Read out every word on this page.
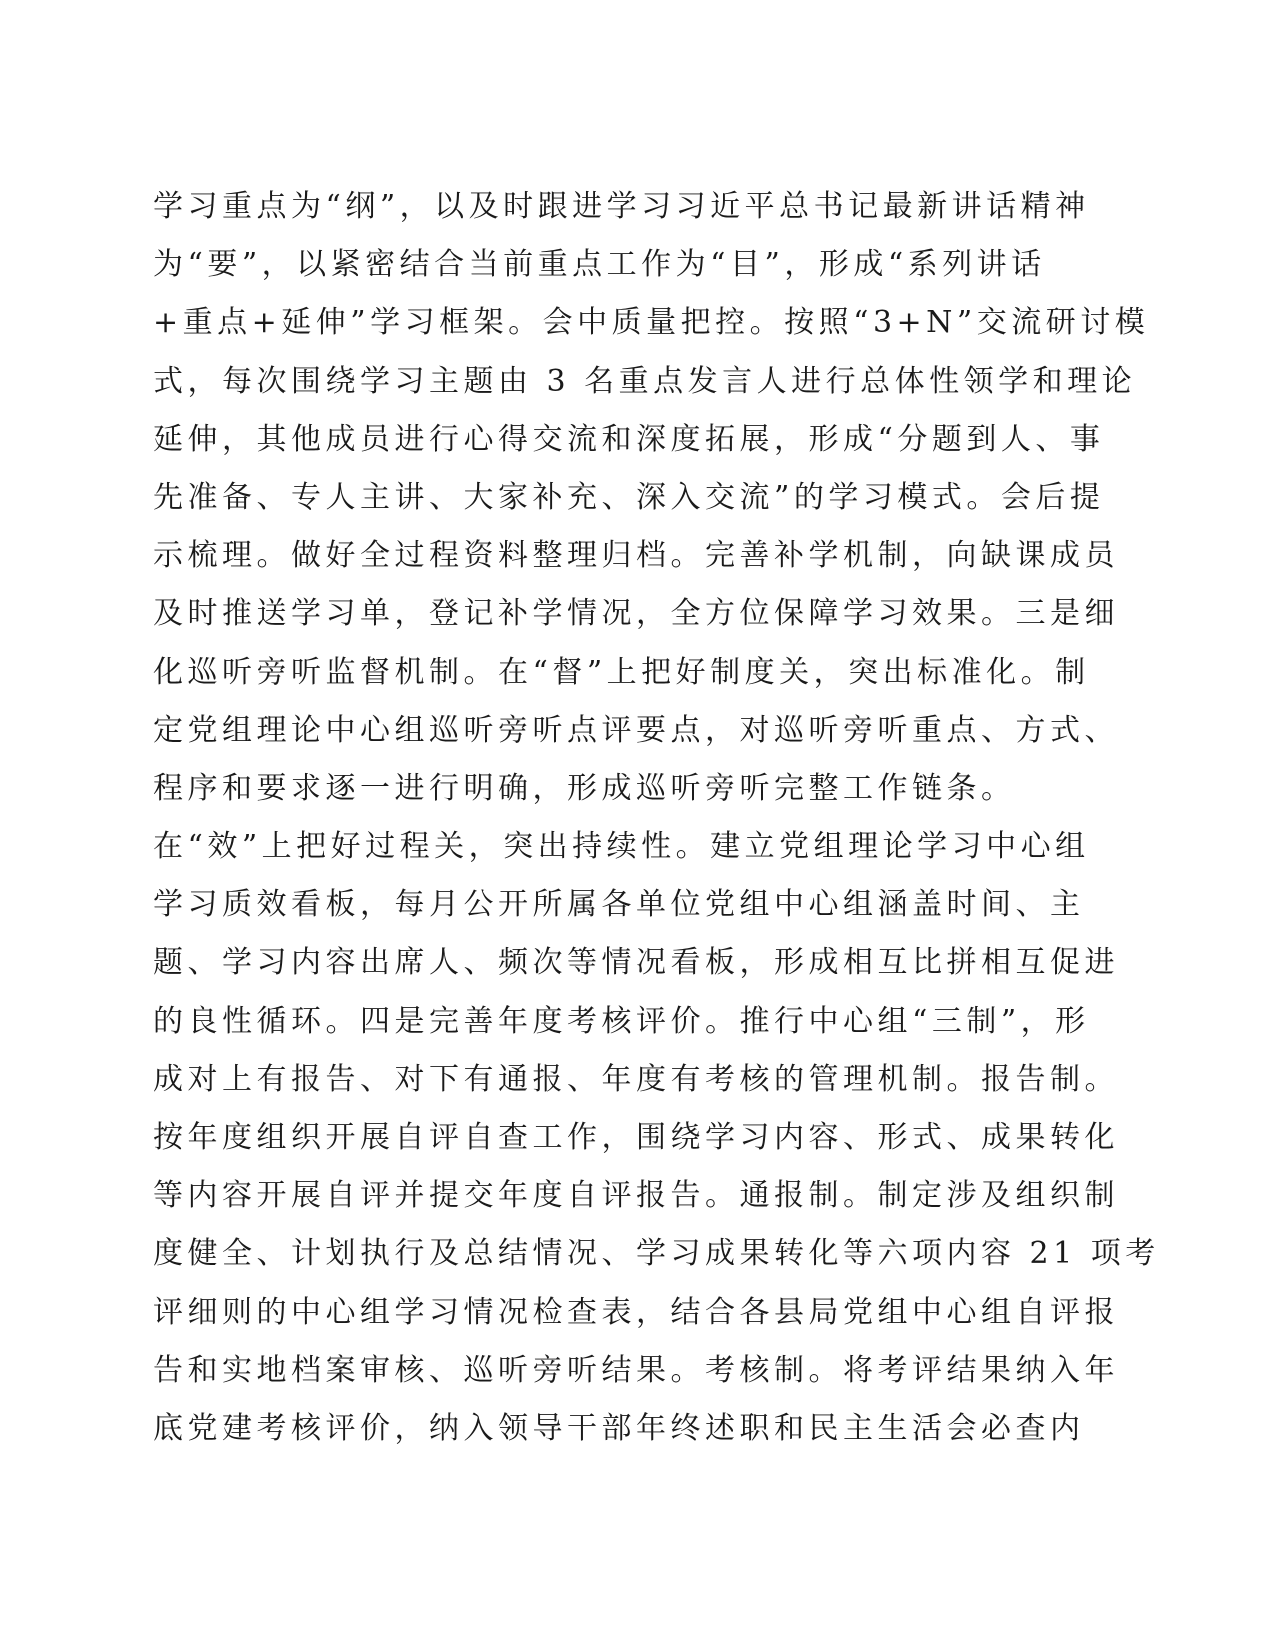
学习重点为“纲”，以及时跟进学习习近平总书记最新讲话精神
为“要”，以紧密结合当前重点工作为“目”，形成“系列讲话
+重点+延伸”学习框架。会中质量把控。按照“3+N”交流研讨模
式，每次围绕学习主题由 3 名重点发言人进行总体性领学和理论
延伸，其他成员进行心得交流和深度拓展，形成“分题到人、事
先准备、专人主讲、大家补充、深入交流”的学习模式。会后提
示梳理。做好全过程资料整理归档。完善补学机制，向缺课成员
及时推送学习单，登记补学情况，全方位保障学习效果。三是细
化巡听旁听监督机制。在“督”上把好制度关，突出标准化。制
定党组理论中心组巡听旁听点评要点，对巡听旁听重点、方式、
程序和要求逐一进行明确，形成巡听旁听完整工作链条。
在“效”上把好过程关，突出持续性。建立党组理论学习中心组
学习质效看板，每月公开所属各单位党组中心组涵盖时间、主
题、学习内容出席人、频次等情况看板，形成相互比拼相互促进
的良性循环。四是完善年度考核评价。推行中心组“三制”，形
成对上有报告、对下有通报、年度有考核的管理机制。报告制。
按年度组织开展自评自查工作，围绕学习内容、形式、成果转化
等内容开展自评并提交年度自评报告。通报制。制定涉及组织制
度健全、计划执行及总结情况、学习成果转化等六项内容 21 项考
评细则的中心组学习情况检查表，结合各县局党组中心组自评报
告和实地档案审核、巡听旁听结果。考核制。将考评结果纳入年
底党建考核评价，纳入领导干部年终述职和民主生活会必查内
